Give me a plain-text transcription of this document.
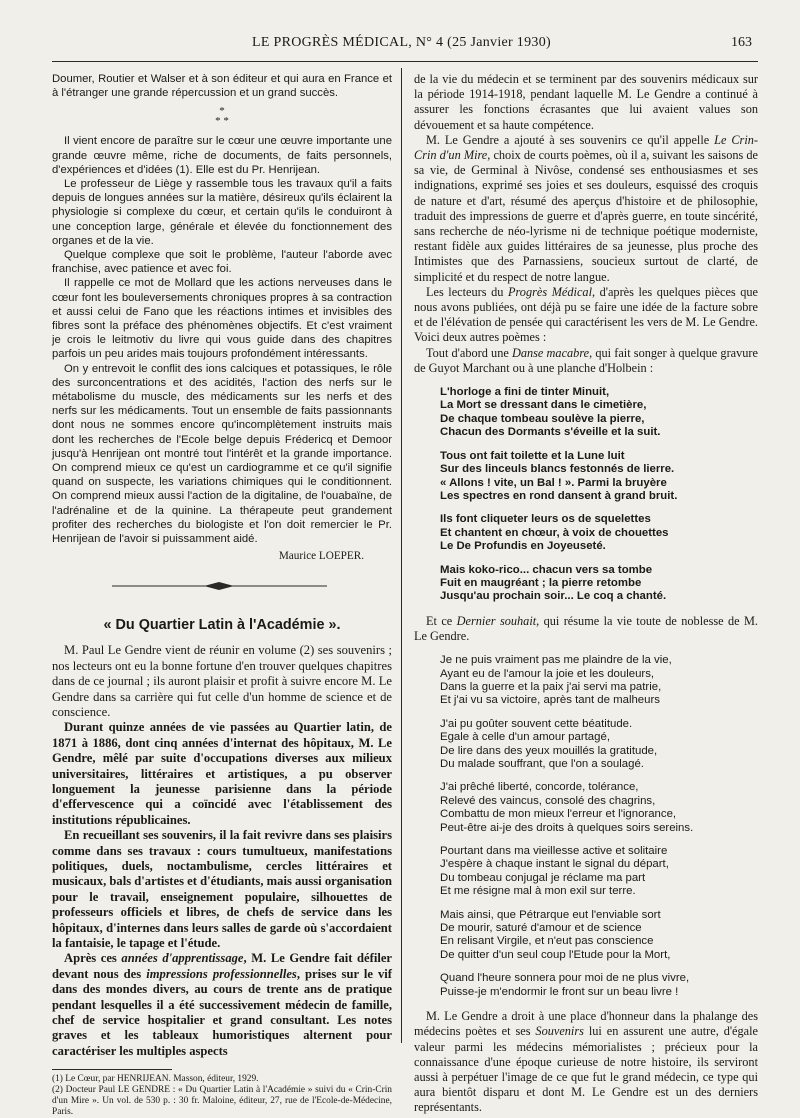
LE PROGRÈS MÉDICAL, N° 4 (25 Janvier 1930)	163

Doumer, Routier et Walser et à son éditeur et qui aura en France et à l'étranger une grande répercussion et un grand succès.

*
* *

Il vient encore de paraître sur le cœur une œuvre importante une grande œuvre même, riche de documents, de faits personnels, d'expériences et d'idées (1). Elle est du Pr. Henrijean.

Le professeur de Liège y rassemble tous les travaux qu'il a faits depuis de longues années sur la matière, désireux qu'ils éclairent la physiologie si complexe du cœur, et certain qu'ils le conduiront à une conception large, générale et élevée du fonctionnement des organes et de la vie.

Quelque complexe que soit le problème, l'auteur l'aborde avec franchise, avec patience et avec foi.

Il rappelle ce mot de Mollard que les actions nerveuses dans le cœur font les bouleversements chroniques propres à sa contraction et aussi celui de Fano que les réactions intimes et invisibles des fibres sont la préface des phénomènes objectifs. Et c'est vraiment je crois le leitmotiv du livre qui vous guide dans des chapitres parfois un peu arides mais toujours profondément intéressants.

On y entrevoit le conflit des ions calciques et potassiques, le rôle des surconcentrations et des acidités, l'action des nerfs sur le métabolisme du muscle, des médicaments sur les nerfs et des nerfs sur les médicaments. Tout un ensemble de faits passionnants dont nous ne sommes encore qu'incomplètement instruits mais dont les recherches de l'Ecole belge depuis Frédericq et Demoor jusqu'à Henrijean ont montré tout l'intérêt et la grande importance. On comprend mieux ce qu'est un cardiogramme et ce qu'il signifie quand on suspecte, les variations chimiques qui le conditionnent. On comprend mieux aussi l'action de la digitaline, de l'ouabaïne, de l'adrénaline et de la quinine. La thérapeute peut grandement profiter des recherches du biologiste et l'on doit remercier le Pr. Henrijean de l'avoir si puissamment aidé.

Maurice LOEPER.
« Du Quartier Latin à l'Académie ».

M. Paul Le Gendre vient de réunir en volume (2) ses souvenirs ; nos lecteurs ont eu la bonne fortune d'en trouver quelques chapitres dans de ce journal ; ils auront plaisir et profit à suivre encore M. Le Gendre dans sa carrière qui fut celle d'un homme de science et de conscience.

Durant quinze années de vie passées au Quartier latin, de 1871 à 1886, dont cinq années d'internat des hôpitaux, M. Le Gendre, mêlé par suite d'occupations diverses aux milieux universitaires, littéraires et artistiques, a pu observer longuement la jeunesse parisienne dans la période d'effervescence qui a coïncidé avec l'établissement des institutions républicaines.

En recueillant ses souvenirs, il la fait revivre dans ses plaisirs comme dans ses travaux : cours tumultueux, manifestations politiques, duels, noctambulisme, cercles littéraires et musicaux, bals d'artistes et d'étudiants, mais aussi organisation pour le travail, enseignement populaire, silhouettes de professeurs officiels et libres, de chefs de service dans les hôpitaux, d'internes dans leurs salles de garde où s'accordaient la fantaisie, le tapage et l'étude.

Après ces années d'apprentissage, M. Le Gendre fait défiler devant nous des impressions professionnelles, prises sur le vif dans des mondes divers, au cours de trente ans de pratique pendant lesquelles il a été successivement médecin de famille, chef de service hospitalier et grand consultant. Les notes graves et les tableaux humoristiques alternent pour caractériser les multiples aspects

(1) Le Cœur, par HENRIJEAN. Masson, éditeur, 1929.

(2) Docteur Paul LE GENDRE : « Du Quartier Latin à l'Académie » suivi du « Crin-Crin d'un Mire ». Un vol. de 530 p. : 30 fr. Maloine, éditeur, 27, rue de l'Ecole-de-Médecine, Paris.

de la vie du médecin et se terminent par des souvenirs médicaux sur la période 1914-1918, pendant laquelle M. Le Gendre a continué à assurer les fonctions écrasantes que lui avaient values son dévouement et sa haute compétence.

M. Le Gendre a ajouté à ses souvenirs ce qu'il appelle Le Crin-Crin d'un Mire, choix de courts poèmes, où il a, suivant les saisons de sa vie, de Germinal à Nivôse, condensé ses enthousiasmes et ses indignations, exprimé ses joies et ses douleurs, esquissé des croquis de nature et d'art, résumé des aperçus d'histoire et de philosophie, traduit des impressions de guerre et d'après guerre, en toute sincérité, sans recherche de néo-lyrisme ni de technique poétique moderniste, restant fidèle aux guides littéraires de sa jeunesse, plus proche des Intimistes que des Parnassiens, soucieux surtout de clarté, de simplicité et du respect de notre langue.

Les lecteurs du Progrès Médical, d'après les quelques pièces que nous avons publiées, ont déjà pu se faire une idée de la facture sobre et de l'élévation de pensée qui caractérisent les vers de M. Le Gendre. Voici deux autres poèmes :

Tout d'abord une Danse macabre, qui fait songer à quelque gravure de Guyot Marchant ou à une planche d'Holbein :

L'horloge a fini de tinter Minuit,
La Mort se dressant dans le cimetière,
De chaque tombeau soulève la pierre,
Chacun des Dormants s'éveille et la suit.
Tous ont fait toilette et la Lune luit
Sur des linceuls blancs festonnés de lierre.
« Allons ! vite, un Bal ! ». Parmi la bruyère
Les spectres en rond dansent à grand bruit.
Ils font cliqueter leurs os de squelettes
Et chantent en chœur, à voix de chouettes
Le De Profundis en Joyeuseté.
Mais koko-rico... chacun vers sa tombe
Fuit en maugréant ; la pierre retombe
Jusqu'au prochain soir... Le coq a chanté.

Et ce Dernier souhait, qui résume la vie toute de noblesse de M. Le Gendre.

Je ne puis vraiment pas me plaindre de la vie,
Ayant eu de l'amour la joie et les douleurs,
Dans la guerre et la paix j'ai servi ma patrie,
Et j'ai vu sa victoire, après tant de malheurs
J'ai pu goûter souvent cette béatitude.
Egale à celle d'un amour partagé,
De lire dans des yeux mouillés la gratitude,
Du malade souffrant, que l'on a soulagé.
J'ai prêché liberté, concorde, tolérance,
Relevé des vaincus, consolé des chagrins,
Combattu de mon mieux l'erreur et l'ignorance,
Peut-être ai-je des droits à quelques soirs sereins.
Pourtant dans ma vieillesse active et solitaire
J'espère à chaque instant le signal du départ,
Du tombeau conjugal je réclame ma part
Et me résigne mal à mon exil sur terre.
Mais ainsi, que Pétrarque eut l'enviable sort
De mourir, saturé d'amour et de science
En relisant Virgile, et n'eut pas conscience
De quitter d'un seul coup l'Etude pour la Mort,
Quand l'heure sonnera pour moi de ne plus vivre,
Puisse-je m'endormir le front sur un beau livre !

M. Le Gendre a droit à une place d'honneur dans la phalange des médecins poètes et ses Souvenirs lui en assurent une autre, d'égale valeur parmi les médecins mémorialistes ; précieux pour la connaissance d'une époque curieuse de notre histoire, ils serviront aussi à perpétuer l'image de ce que fut le grand médecin, ce type qui aura bientôt disparu et dont M. Le Gendre est un des derniers représentants.
